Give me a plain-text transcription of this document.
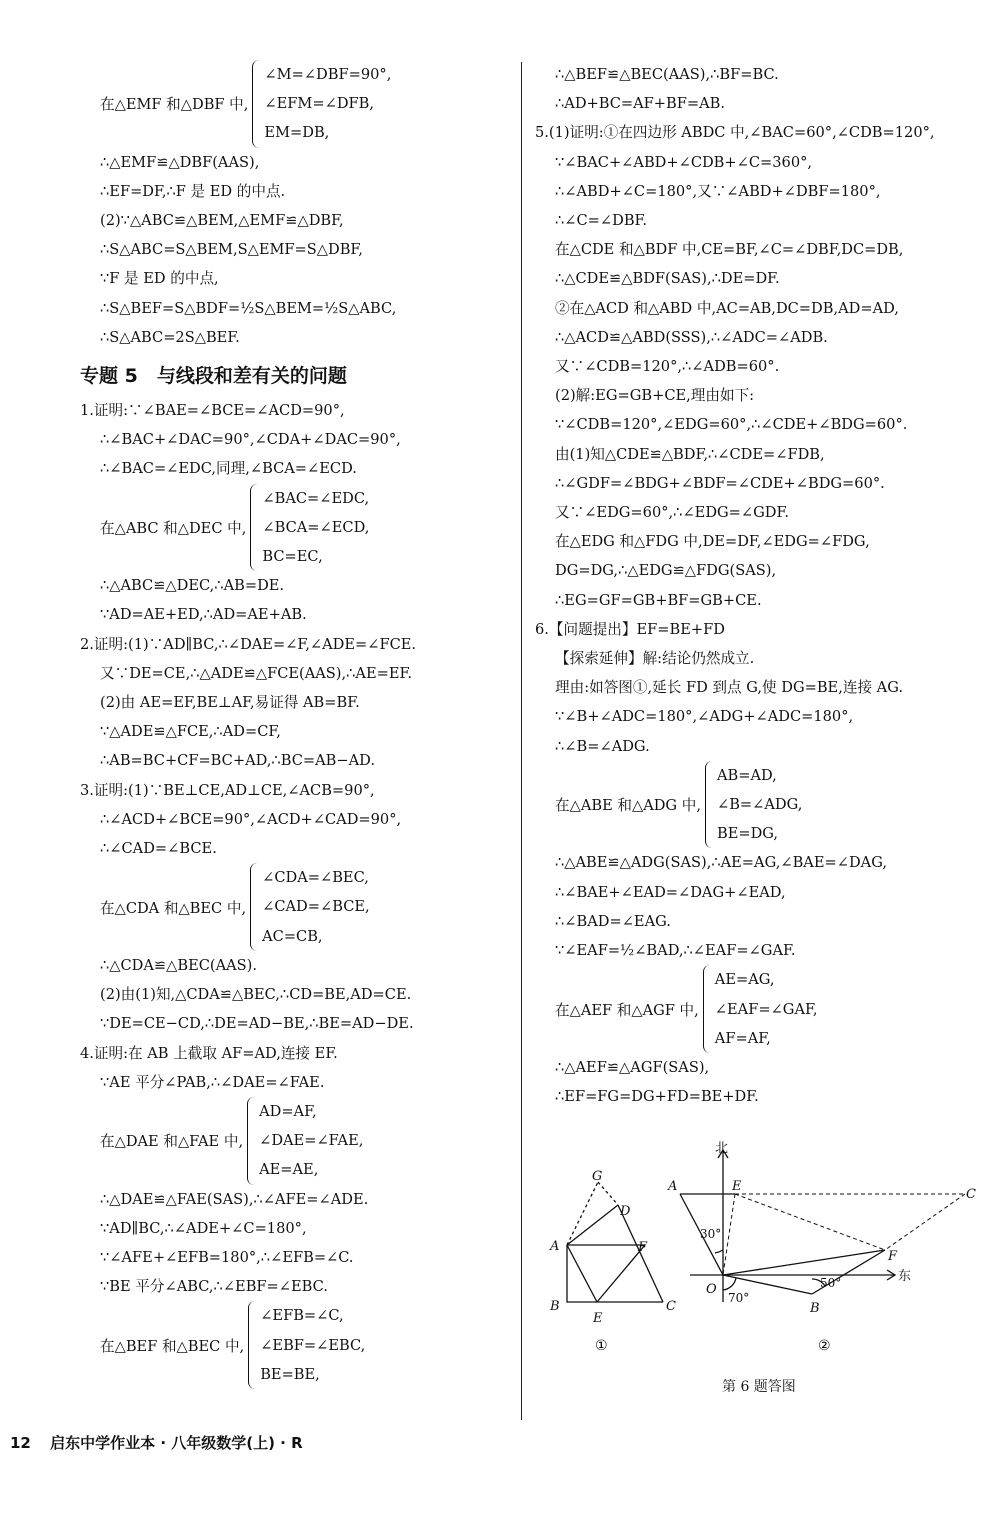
在△EMF 和△DBF 中,
∠M=∠DBF=90°,
∠EFM=∠DFB,
EM=DB,
∴△EMF≌△DBF(AAS),
∴EF=DF,∴F 是 ED 的中点.
(2)∵△ABC≌△BEM,△EMF≌△DBF,
∴S△ABC=S△BEM,S△EMF=S△DBF,
∵F 是 ED 的中点,
∴S△BEF=S△BDF=½S△BEM=½S△ABC,
∴S△ABC=2S△BEF.
专题 5　与线段和差有关的问题
1.证明:∵∠BAE=∠BCE=∠ACD=90°,
∴∠BAC+∠DAC=90°,∠CDA+∠DAC=90°,
∴∠BAC=∠EDC,同理,∠BCA=∠ECD.
在△ABC 和△DEC 中,
∠BAC=∠EDC,
∠BCA=∠ECD,
BC=EC,
∴△ABC≌△DEC,∴AB=DE.
∵AD=AE+ED,∴AD=AE+AB.
2.证明:(1)∵AD∥BC,∴∠DAE=∠F,∠ADE=∠FCE.
又∵DE=CE,∴△ADE≌△FCE(AAS),∴AE=EF.
(2)由 AE=EF,BE⊥AF,易证得 AB=BF.
∵△ADE≌△FCE,∴AD=CF,
∴AB=BC+CF=BC+AD,∴BC=AB−AD.
3.证明:(1)∵BE⊥CE,AD⊥CE,∠ACB=90°,
∴∠ACD+∠BCE=90°,∠ACD+∠CAD=90°,
∴∠CAD=∠BCE.
在△CDA 和△BEC 中,
∠CDA=∠BEC,
∠CAD=∠BCE,
AC=CB,
∴△CDA≌△BEC(AAS).
(2)由(1)知,△CDA≌△BEC,∴CD=BE,AD=CE.
∵DE=CE−CD,∴DE=AD−BE,∴BE=AD−DE.
4.证明:在 AB 上截取 AF=AD,连接 EF.
∵AE 平分∠PAB,∴∠DAE=∠FAE.
在△DAE 和△FAE 中,
AD=AF,
∠DAE=∠FAE,
AE=AE,
∴△DAE≌△FAE(SAS),∴∠AFE=∠ADE.
∵AD∥BC,∴∠ADE+∠C=180°,
∵∠AFE+∠EFB=180°,∴∠EFB=∠C.
∵BE 平分∠ABC,∴∠EBF=∠EBC.
在△BEF 和△BEC 中,
∠EFB=∠C,
∠EBF=∠EBC,
BE=BE,
∴△BEF≌△BEC(AAS),∴BF=BC.
∴AD+BC=AF+BF=AB.
5.(1)证明:①在四边形 ABDC 中,∠BAC=60°,∠CDB=120°,
∵∠BAC+∠ABD+∠CDB+∠C=360°,
∴∠ABD+∠C=180°,又∵∠ABD+∠DBF=180°,
∴∠C=∠DBF.
在△CDE 和△BDF 中,CE=BF,∠C=∠DBF,DC=DB,
∴△CDE≌△BDF(SAS),∴DE=DF.
②在△ACD 和△ABD 中,AC=AB,DC=DB,AD=AD,
∴△ACD≌△ABD(SSS),∴∠ADC=∠ADB.
又∵∠CDB=120°,∴∠ADB=60°.
(2)解:EG=GB+CE,理由如下:
∵∠CDB=120°,∠EDG=60°,∴∠CDE+∠BDG=60°.
由(1)知△CDE≌△BDF,∴∠CDE=∠FDB,
∴∠GDF=∠BDG+∠BDF=∠CDE+∠BDG=60°.
又∵∠EDG=60°,∴∠EDG=∠GDF.
在△EDG 和△FDG 中,DE=DF,∠EDG=∠FDG,
DG=DG,∴△EDG≌△FDG(SAS),
∴EG=GF=GB+BF=GB+CE.
6.【问题提出】EF=BE+FD
【探索延伸】解:结论仍然成立.
理由:如答图①,延长 FD 到点 G,使 DG=BE,连接 AG.
∵∠B+∠ADC=180°,∠ADG+∠ADC=180°,
∴∠B=∠ADG.
在△ABE 和△ADG 中,
AB=AD,
∠B=∠ADG,
BE=DG,
∴△ABE≌△ADG(SAS),∴AE=AG,∠BAE=∠DAG,
∴∠BAE+∠EAD=∠DAG+∠EAD,
∴∠BAD=∠EAG.
∵∠EAF=½∠BAD,∴∠EAF=∠GAF.
在△AEF 和△AGF 中,
AE=AG,
∠EAF=∠GAF,
AF=AF,
∴△AEF≌△AGF(SAS),
∴EF=FG=DG+FD=BE+DF.
G
D
A	F
B
E
C
①
北
东
A	E
C
F
O
B
30°
70°
50°
②
第 6 题答图
12 启东中学作业本 · 八年级数学(上) · R
